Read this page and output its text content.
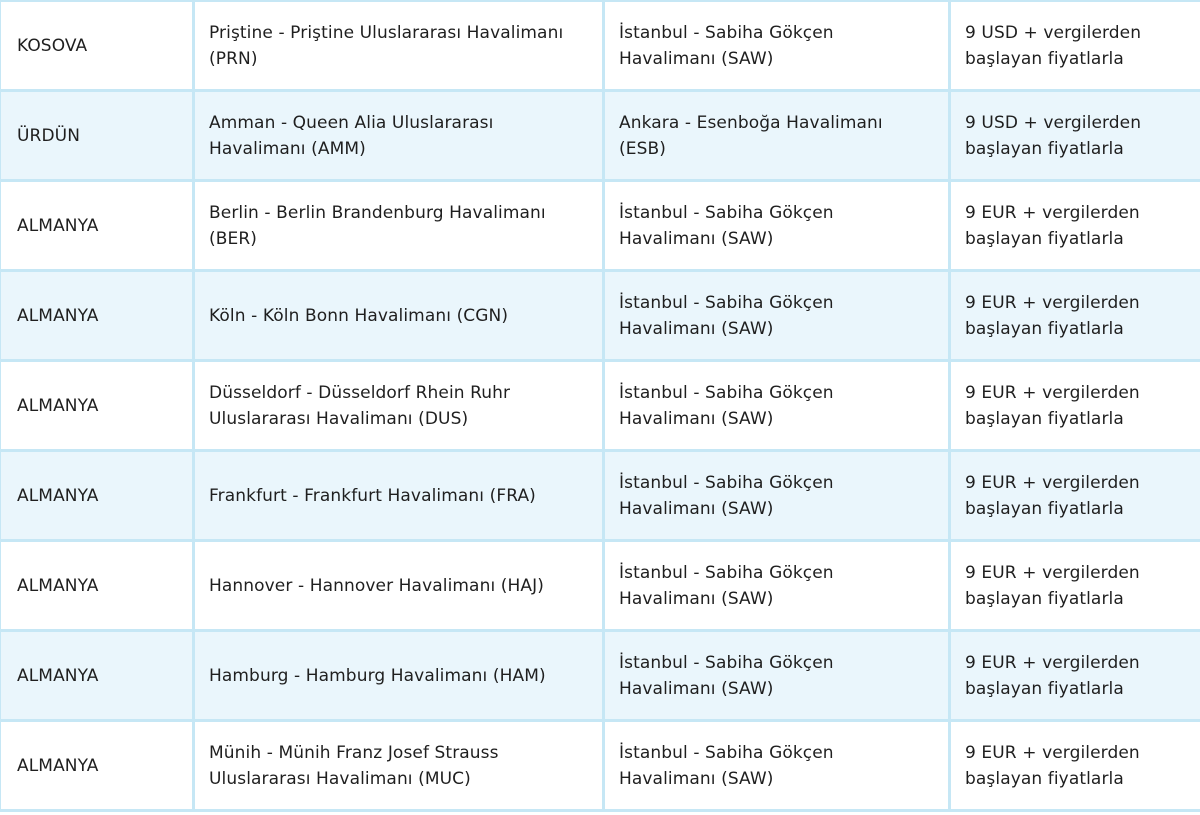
KOSOVA	Priştine - Priştine Uluslararası Havalimanı (PRN)	İstanbul - Sabiha Gökçen Havalimanı (SAW)	9 USD + vergilerden başlayan fiyatlarla
ÜRDÜN	Amman - Queen Alia Uluslararası Havalimanı (AMM)	Ankara - Esenboğa Havalimanı (ESB)	9 USD + vergilerden başlayan fiyatlarla
ALMANYA	Berlin - Berlin Brandenburg Havalimanı (BER)	İstanbul - Sabiha Gökçen Havalimanı (SAW)	9 EUR + vergilerden başlayan fiyatlarla
ALMANYA	Köln - Köln Bonn Havalimanı (CGN)	İstanbul - Sabiha Gökçen Havalimanı (SAW)	9 EUR + vergilerden başlayan fiyatlarla
ALMANYA	Düsseldorf - Düsseldorf Rhein Ruhr Uluslararası Havalimanı (DUS)	İstanbul - Sabiha Gökçen Havalimanı (SAW)	9 EUR + vergilerden başlayan fiyatlarla
ALMANYA	Frankfurt - Frankfurt Havalimanı (FRA)	İstanbul - Sabiha Gökçen Havalimanı (SAW)	9 EUR + vergilerden başlayan fiyatlarla
ALMANYA	Hannover - Hannover Havalimanı (HAJ)	İstanbul - Sabiha Gökçen Havalimanı (SAW)	9 EUR + vergilerden başlayan fiyatlarla
ALMANYA	Hamburg - Hamburg Havalimanı (HAM)	İstanbul - Sabiha Gökçen Havalimanı (SAW)	9 EUR + vergilerden başlayan fiyatlarla
ALMANYA	Münih - Münih Franz Josef Strauss Uluslararası Havalimanı (MUC)	İstanbul - Sabiha Gökçen Havalimanı (SAW)	9 EUR + vergilerden başlayan fiyatlarla
